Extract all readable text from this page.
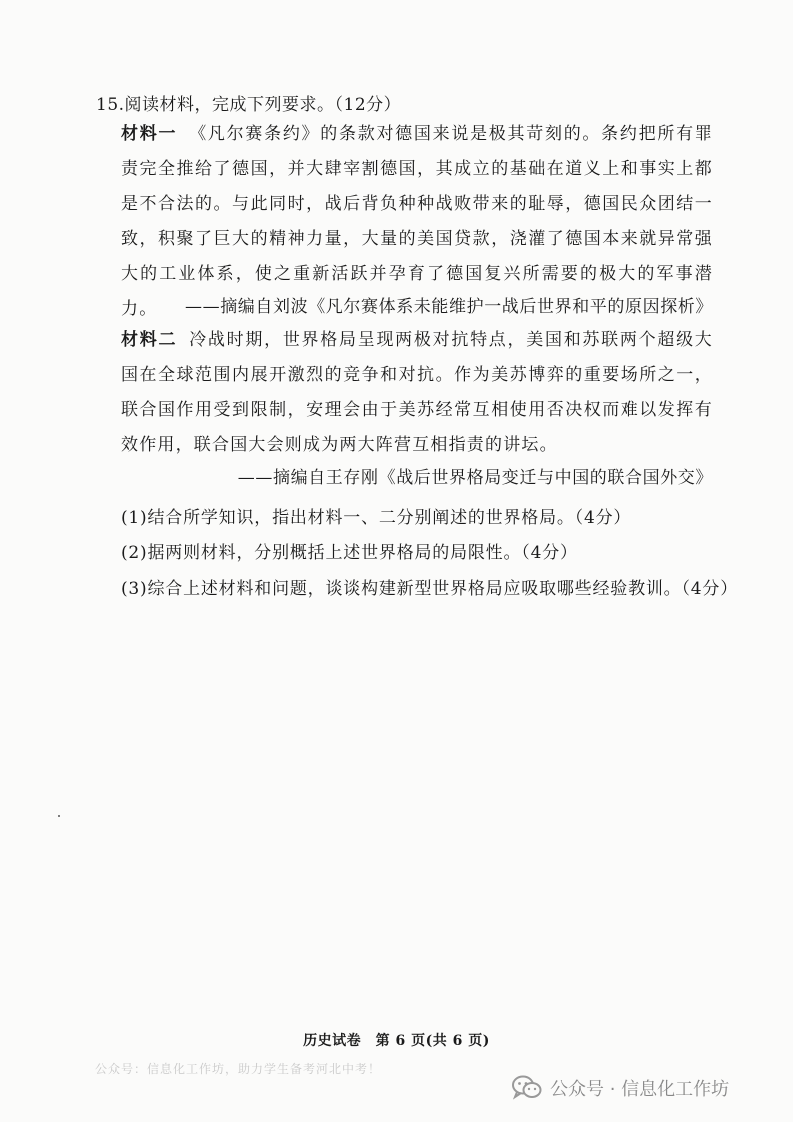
15.阅读材料，完成下列要求。（12分）
材料一 《凡尔赛条约》的条款对德国来说是极其苛刻的。条约把所有罪责完全推给了德国，并大肆宰割德国，其成立的基础在道义上和事实上都是不合法的。与此同时，战后背负种种战败带来的耻辱，德国民众团结一致，积聚了巨大的精神力量，大量的美国贷款，浇灌了德国本来就异常强大的工业体系，使之重新活跃并孕育了德国复兴所需要的极大的军事潜力。	——摘编自刘波《凡尔赛体系未能维护一战后世界和平的原因探析》
材料二 冷战时期，世界格局呈现两极对抗特点，美国和苏联两个超级大国在全球范围内展开激烈的竞争和对抗。作为美苏博弈的重要场所之一，联合国作用受到限制，安理会由于美苏经常互相使用否决权而难以发挥有效作用，联合国大会则成为两大阵营互相指责的讲坛。
——摘编自王存刚《战后世界格局变迁与中国的联合国外交》
(1)结合所学知识，指出材料一、二分别阐述的世界格局。（4分）
(2)据两则材料，分别概括上述世界格局的局限性。（4分）
(3)综合上述材料和问题，谈谈构建新型世界格局应吸取哪些经验教训。（4分）
历史试卷　第 6 页(共 6 页)
公众号：信息化工作坊，助力学生备考河北中考！
公众号 · 信息化工作坊
